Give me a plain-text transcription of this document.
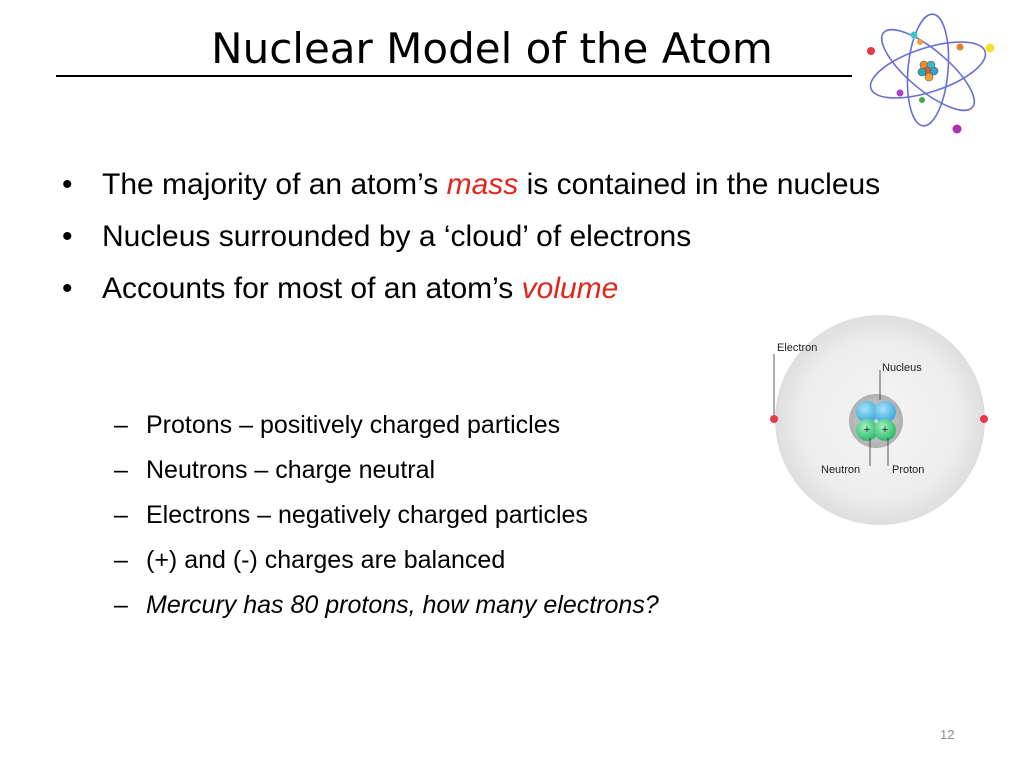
Nuclear Model of the Atom
• The majority of an atom’s mass is contained in the nucleus
• Nucleus surrounded by a ‘cloud’ of electrons
• Accounts for most of an atom’s volume
– Protons – positively charged particles
– Neutrons – charge neutral
– Electrons – negatively charged particles
– (+) and (-) charges are balanced
– Mercury has 80 protons, how many electrons?
+ +
Electron
Nucleus
Neutron	Proton
12
